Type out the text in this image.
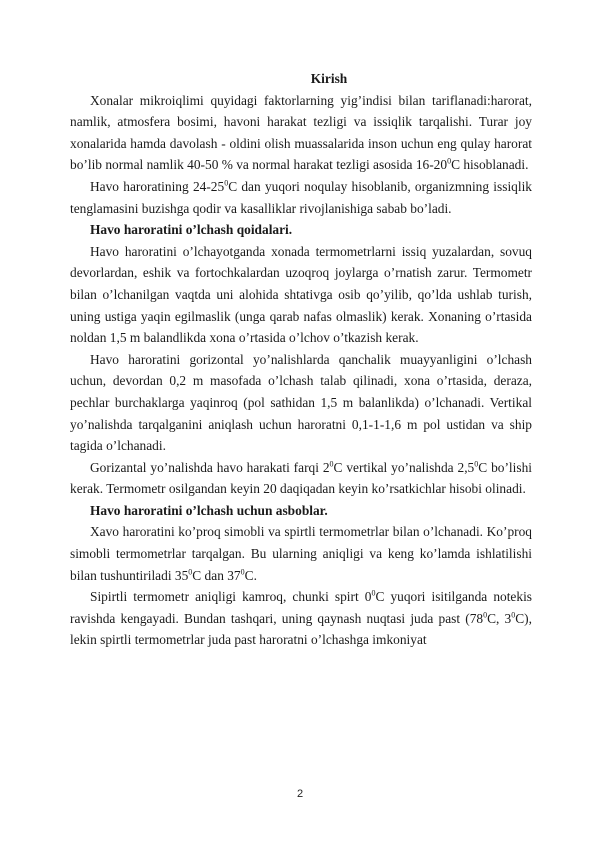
Kirish

Xonalar mikroiqlimi quyidagi faktorlarning yig’indisi bilan tariflanadi:harorat, namlik, atmosfera bosimi, havoni harakat tezligi va issiqlik tarqalishi. Turar joy xonalarida hamda davolash - oldini olish muassalarida inson uchun eng qulay harorat bo’lib normal namlik 40-50 % va normal harakat tezligi asosida $16-20^0C$ hisoblanadi.

Havo haroratining $24-25^0C$ dan yuqori noqulay hisoblanib, organizmning issiqlik tenglamasini buzishga qodir va kasalliklar rivojlanishiga sabab bo’ladi.

Havo haroratini o’lchash qoidalari.

Havo haroratini o’lchayotganda xonada termometrlarni issiq yuzalardan, sovuq devorlardan, eshik va fortochkalardan uzoqroq joylarga o’rnatish zarur. Termometr bilan o’lchanilgan vaqtda uni alohida shtativga osib qo’yilib, qo’lda ushlab turish, uning ustiga yaqin egilmaslik (unga qarab nafas olmaslik) kerak. Xonaning o’rtasida noldan 1,5 m balandlikda xona o’rtasida o’lchov o’tkazish kerak.

Havo haroratini gorizontal yo’nalishlarda qanchalik muayyanligini o’lchash uchun, devordan 0,2 m masofada o’lchash talab qilinadi, xona o’rtasida, deraza, pechlar burchaklarga yaqinroq (pol sathidan 1,5 m balanlikda) o’lchanadi. Vertikal yo’nalishda tarqalganini aniqlash uchun haroratni 0,1-1-1,6 m pol ustidan va ship tagida o’lchanadi.

Gorizantal yo’nalishda havo harakati farqi $2^0C$ vertikal yo’nalishda $2,5^0C$ bo’lishi kerak. Termometr osilgandan keyin 20 daqiqadan keyin ko’rsatkichlar hisobi olinadi.

Havo haroratini o’lchash uchun asboblar.

Xavo haroratini ko’proq simobli va spirtli termometrlar bilan o’lchanadi. Ko’proq simobli termometrlar tarqalgan. Bu ularning aniqligi va keng ko’lamda ishlatilishi bilan tushuntiriladi $35^0C$ dan $37^0C$.

Sipirtli termometr aniqligi kamroq, chunki spirt $0^0C$ yuqori isitilganda notekis ravishda kengayadi. Bundan tashqari, uning qaynash nuqtasi juda past ($78^0C$, $3^0C$), lekin spirtli termometrlar juda past haroratni o’lchashga imkoniyat

2
